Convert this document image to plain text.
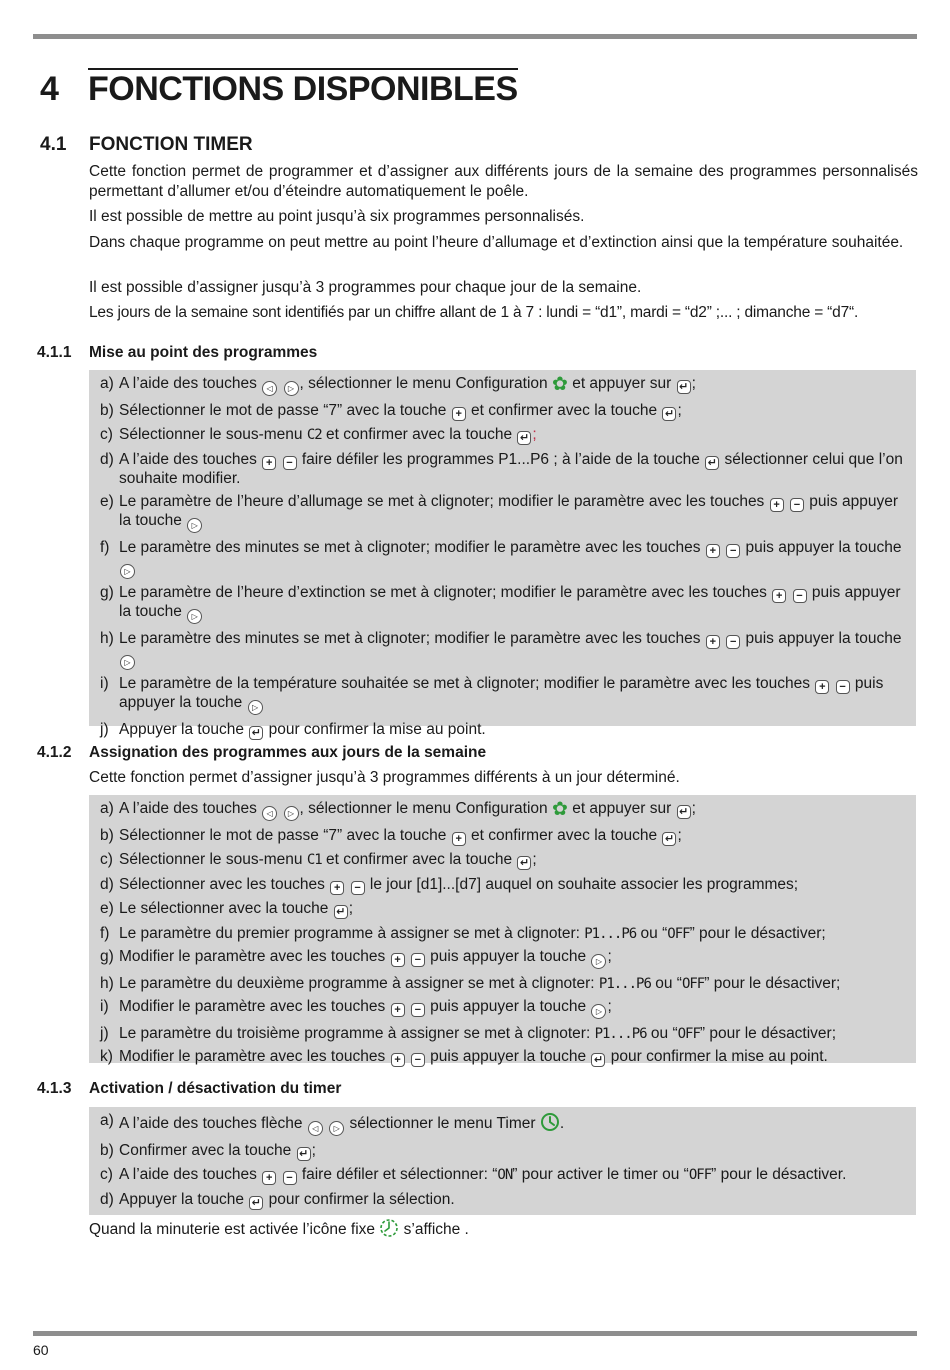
4 FONCTIONS DISPONIBLES
4.1 FONCTION TIMER
Cette fonction permet de programmer et d’assigner aux différents jours de la semaine des programmes personnalisés permettant d’allumer et/ou d’éteindre automatiquement le poêle.
Il est possible de mettre au point jusqu’à six programmes personnalisés.
Dans chaque programme on peut mettre au point l’heure d’allumage et d’extinction ainsi que la température souhaitée.
Il est possible d’assigner jusqu’à 3 programmes pour chaque jour de la semaine.
Les jours de la semaine sont identifiés par un chiffre allant de 1 à 7 : lundi = “d1”, mardi = “d2” ;... ; dimanche = “d7“.
4.1.1 Mise au point des programmes
a) A l’aide des touches ◁ ▷ , sélectionner le menu Configuration ✿ et appuyer sur ↵ ;
b) Sélectionner le mot de passe “7” avec la touche + et confirmer avec la touche ↵ ;
c) Sélectionner le sous-menu C2 et confirmer avec la touche ↵ ;
d) A l’aide des touches + − faire défiler les programmes P1...P6 ; à l’aide de la touche ↵ sélectionner celui que l’on souhaite modifier.
e) Le paramètre de l’heure d’allumage se met à clignoter; modifier le paramètre avec les touches + − puis appuyer la touche ▷
f) Le paramètre des minutes se met à clignoter; modifier le paramètre avec les touches + − puis appuyer la touche ▷
g) Le paramètre de l’heure d’extinction se met à clignoter; modifier le paramètre avec les touches + − puis appuyer la touche ▷
h) Le paramètre des minutes se met à clignoter; modifier le paramètre avec les touches + − puis appuyer la touche ▷
i) Le paramètre de la température souhaitée se met à clignoter; modifier le paramètre avec les touches + − puis appuyer la touche ▷
j) Appuyer la touche ↵ pour confirmer la mise au point.
4.1.2 Assignation des programmes aux jours de la semaine
Cette fonction permet d’assigner jusqu’à 3 programmes différents à un jour déterminé.
a) A l’aide des touches ◁ ▷ , sélectionner le menu Configuration ✿ et appuyer sur ↵ ;
b) Sélectionner le mot de passe “7” avec la touche + et confirmer avec la touche ↵ ;
c) Sélectionner le sous-menu C1 et confirmer avec la touche ↵ ;
d) Sélectionner avec les touches + − le jour [d1]...[d7] auquel on souhaite associer les programmes;
e) Le sélectionner avec la touche ↵ ;
f) Le paramètre du premier programme à assigner se met à clignoter: P1...P6 ou “OFF” pour le désactiver;
g) Modifier le paramètre avec les touches + − puis appuyer la touche ▷ ;
h) Le paramètre du deuxième programme à assigner se met à clignoter: P1...P6 ou “OFF” pour le désactiver;
i) Modifier le paramètre avec les touches + − puis appuyer la touche ▷ ;
j) Le paramètre du troisième programme à assigner se met à clignoter: P1...P6 ou “OFF” pour le désactiver;
k) Modifier le paramètre avec les touches + − puis appuyer la touche ↵ pour confirmer la mise au point.
4.1.3 Activation / désactivation du timer
a) A l’aide des touches flèche ◁ ▷ sélectionner le menu Timer .
b) Confirmer avec la touche ↵ ;
c) A l’aide des touches + − faire défiler et sélectionner: “ON” pour activer le timer ou “OFF” pour le désactiver.
d) Appuyer la touche ↵ pour confirmer la sélection.
Quand la minuterie est activée l’icône fixe s’affiche .
60
